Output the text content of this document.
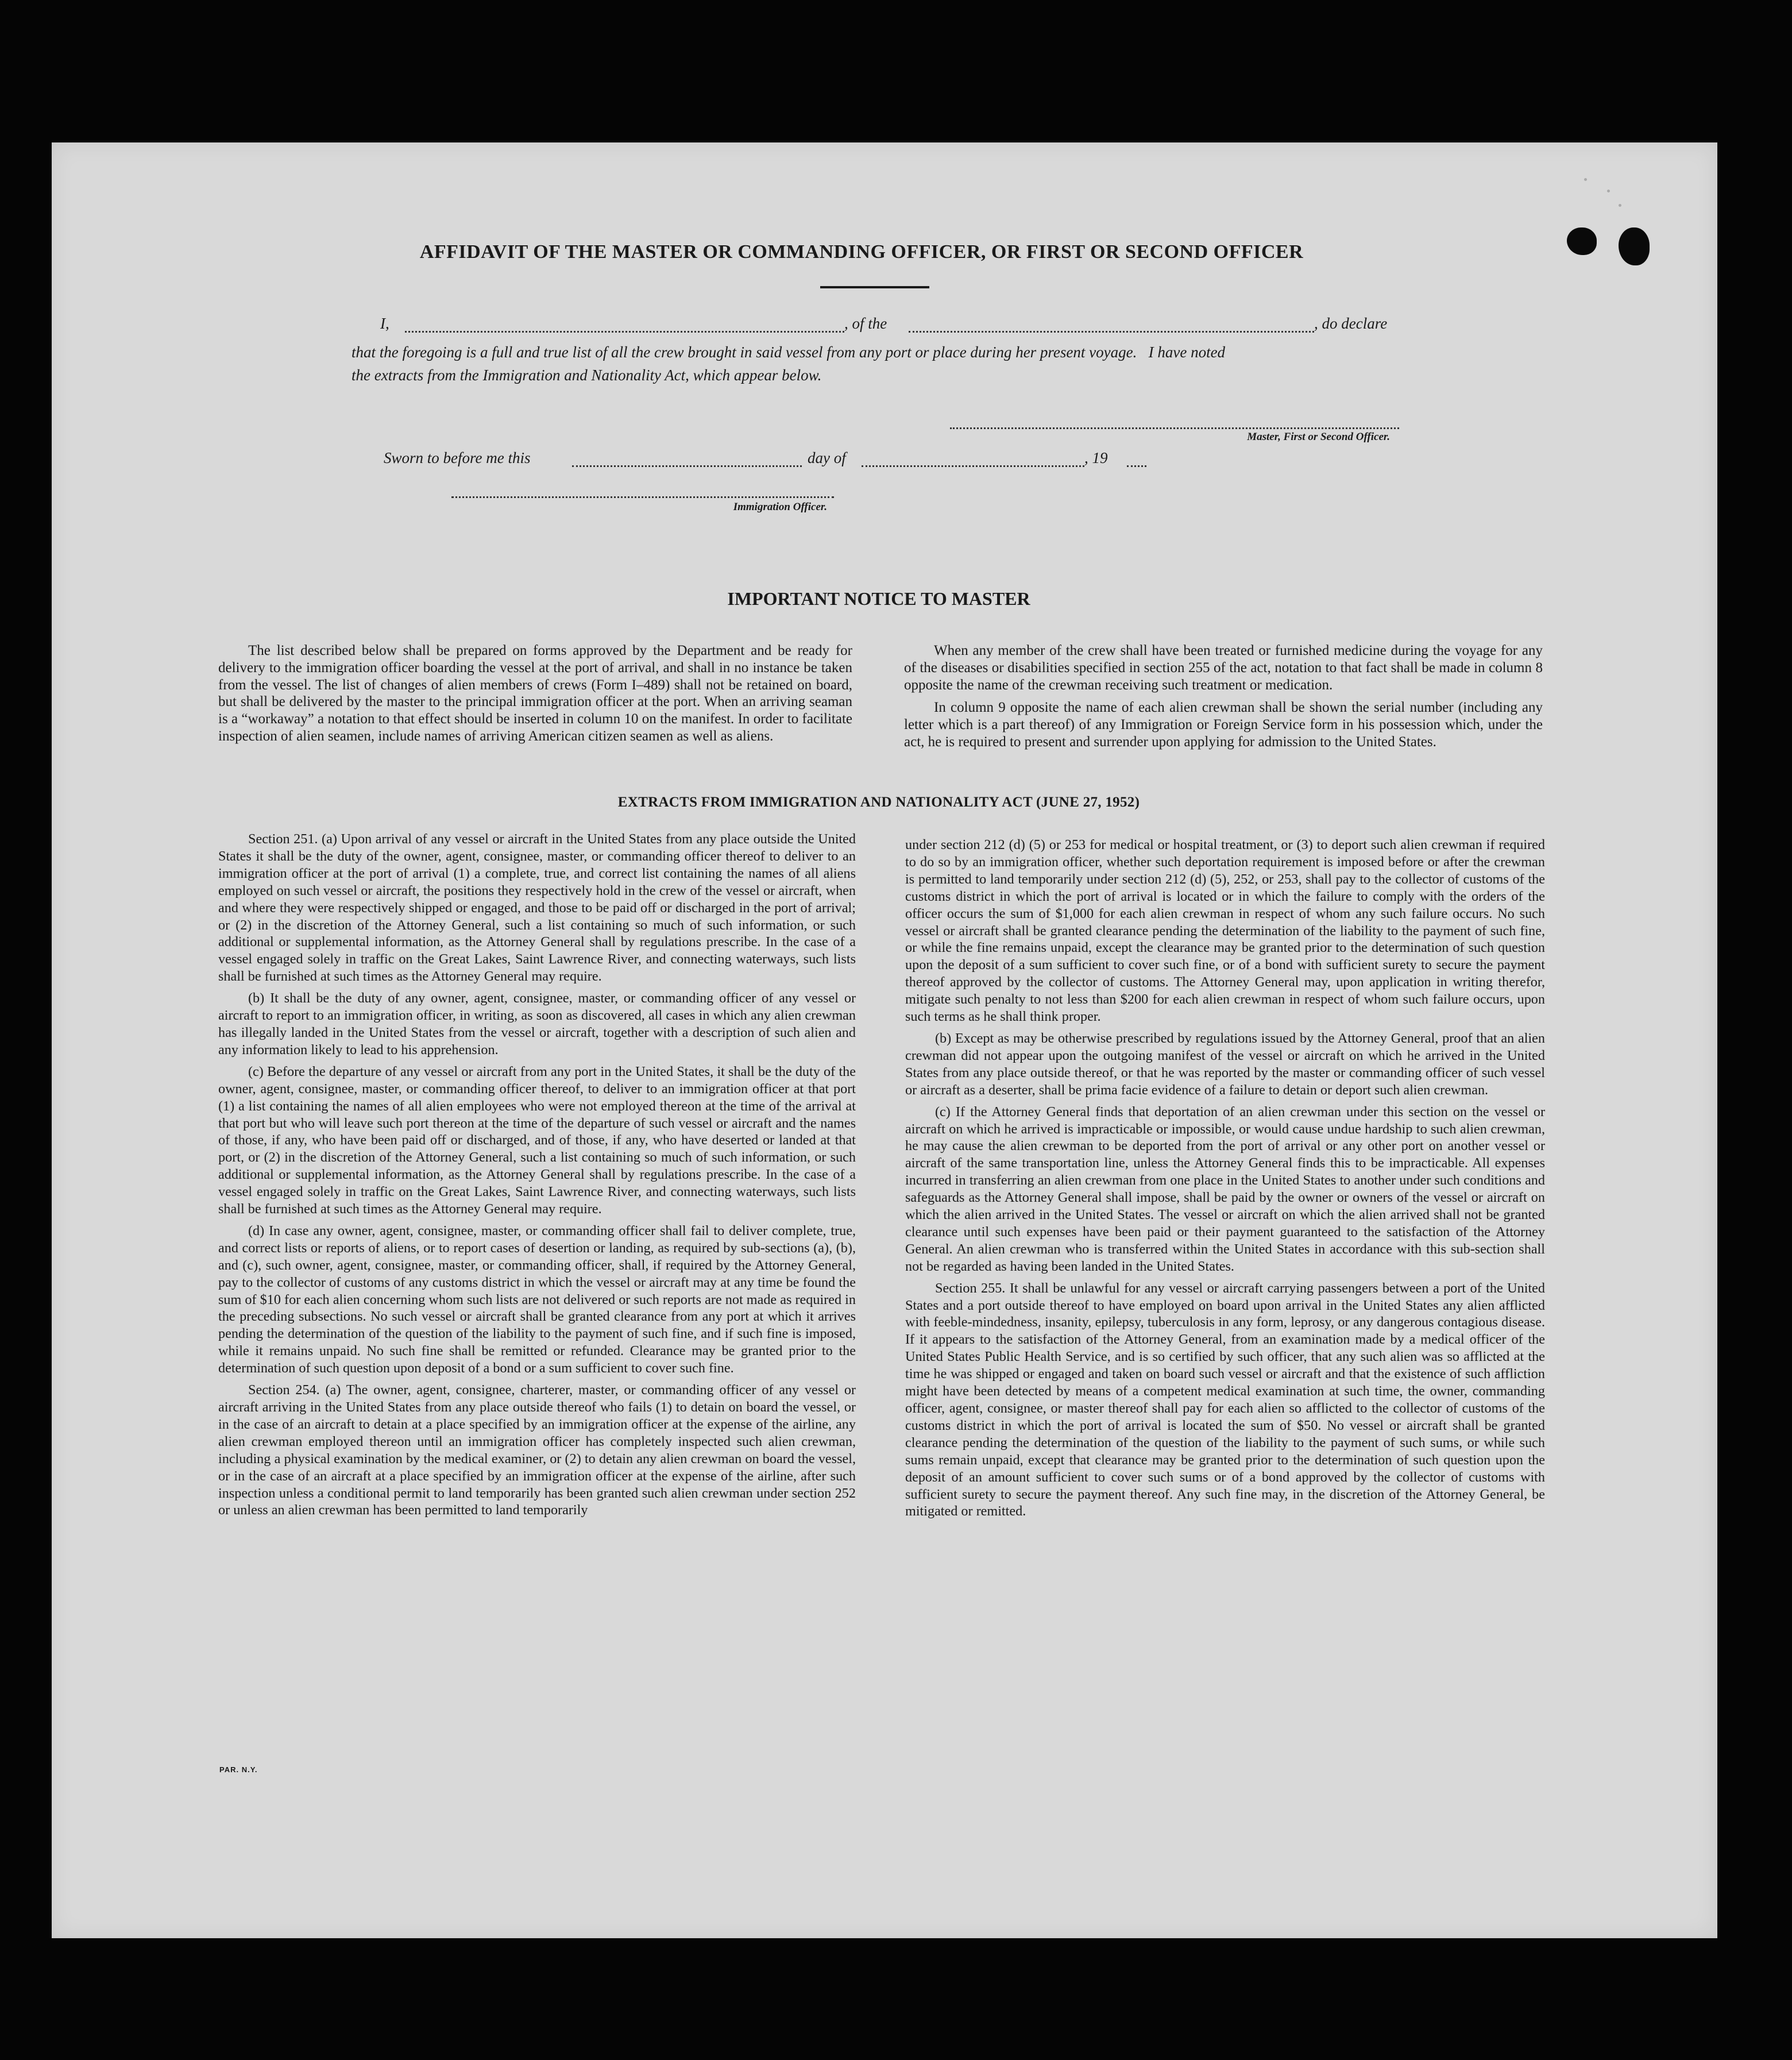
AFFIDAVIT OF THE MASTER OR COMMANDING OFFICER, OR FIRST OR SECOND OFFICER
I,	, of the	, do declare
that the foregoing is a full and true list of all the crew brought in said vessel from any port or place during her present voyage.   I have noted
the extracts from the Immigration and Nationality Act, which appear below.
Master, First or Second Officer.
Sworn to before me this	day of	, 19
Immigration Officer.
IMPORTANT NOTICE TO MASTER

The list described below shall be prepared on forms approved by the Department and be ready for delivery to the immigration officer boarding the vessel at the port of arrival, and shall in no instance be taken from the vessel. The list of changes of alien members of crews (Form I–489) shall not be retained on board, but shall be delivered by the master to the principal immigration officer at the port. When an arriving seaman is a “workaway” a notation to that effect should be inserted in column 10 on the manifest. In order to facilitate inspection of alien seamen, include names of arriving American citizen seamen as well as aliens.

When any member of the crew shall have been treated or furnished medicine during the voyage for any of the diseases or disabilities specified in section 255 of the act, notation to that fact shall be made in column 8 opposite the name of the crewman receiving such treatment or medication.

In column 9 opposite the name of each alien crewman shall be shown the serial number (including any letter which is a part thereof) of any Immigration or Foreign Service form in his possession which, under the act, he is required to present and surrender upon applying for admission to the United States.

EXTRACTS FROM IMMIGRATION AND NATIONALITY ACT (JUNE 27, 1952)

Section 251. (a) Upon arrival of any vessel or aircraft in the United States from any place outside the United States it shall be the duty of the owner, agent, consignee, master, or commanding officer thereof to deliver to an immigration officer at the port of arrival (1) a complete, true, and correct list containing the names of all aliens employed on such vessel or aircraft, the positions they respectively hold in the crew of the vessel or aircraft, when and where they were respectively shipped or engaged, and those to be paid off or discharged in the port of arrival; or (2) in the discretion of the Attorney General, such a list containing so much of such information, or such additional or supplemental information, as the Attorney General shall by regulations prescribe. In the case of a vessel engaged solely in traffic on the Great Lakes, Saint Lawrence River, and connecting waterways, such lists shall be furnished at such times as the Attorney General may require.

(b) It shall be the duty of any owner, agent, consignee, master, or commanding officer of any vessel or aircraft to report to an immigration officer, in writing, as soon as discovered, all cases in which any alien crewman has illegally landed in the United States from the vessel or aircraft, together with a description of such alien and any information likely to lead to his apprehension.

(c) Before the departure of any vessel or aircraft from any port in the United States, it shall be the duty of the owner, agent, consignee, master, or commanding officer thereof, to deliver to an immigration officer at that port (1) a list containing the names of all alien employees who were not employed thereon at the time of the arrival at that port but who will leave such port thereon at the time of the departure of such vessel or aircraft and the names of those, if any, who have been paid off or discharged, and of those, if any, who have deserted or landed at that port, or (2) in the discretion of the Attorney General, such a list containing so much of such information, or such additional or supplemental information, as the Attorney General shall by regulations prescribe. In the case of a vessel engaged solely in traffic on the Great Lakes, Saint Lawrence River, and connecting waterways, such lists shall be furnished at such times as the Attorney General may require.

(d) In case any owner, agent, consignee, master, or commanding officer shall fail to deliver complete, true, and correct lists or reports of aliens, or to report cases of desertion or landing, as required by sub-sections (a), (b), and (c), such owner, agent, consignee, master, or commanding officer, shall, if required by the Attorney General, pay to the collector of customs of any customs district in which the vessel or aircraft may at any time be found the sum of $10 for each alien concerning whom such lists are not delivered or such reports are not made as required in the preceding subsections. No such vessel or aircraft shall be granted clearance from any port at which it arrives pending the determination of the question of the liability to the payment of such fine, and if such fine is imposed, while it remains unpaid. No such fine shall be remitted or refunded. Clearance may be granted prior to the determination of such question upon deposit of a bond or a sum sufficient to cover such fine.

Section 254. (a) The owner, agent, consignee, charterer, master, or commanding officer of any vessel or aircraft arriving in the United States from any place outside thereof who fails (1) to detain on board the vessel, or in the case of an aircraft to detain at a place specified by an immigration officer at the expense of the airline, any alien crewman employed thereon until an immigration officer has completely inspected such alien crewman, including a physical examination by the medical examiner, or (2) to detain any alien crewman on board the vessel, or in the case of an aircraft at a place specified by an immigration officer at the expense of the airline, after such inspection unless a conditional permit to land temporarily has been granted such alien crewman under section 252 or unless an alien crewman has been permitted to land temporarily

under section 212 (d) (5) or 253 for medical or hospital treatment, or (3) to deport such alien crewman if required to do so by an immigration officer, whether such deportation requirement is imposed before or after the crewman is permitted to land temporarily under section 212 (d) (5), 252, or 253, shall pay to the collector of customs of the customs district in which the port of arrival is located or in which the failure to comply with the orders of the officer occurs the sum of $1,000 for each alien crewman in respect of whom any such failure occurs. No such vessel or aircraft shall be granted clearance pending the determination of the liability to the payment of such fine, or while the fine remains unpaid, except the clearance may be granted prior to the determination of such question upon the deposit of a sum sufficient to cover such fine, or of a bond with sufficient surety to secure the payment thereof approved by the collector of customs. The Attorney General may, upon application in writing therefor, mitigate such penalty to not less than $200 for each alien crewman in respect of whom such failure occurs, upon such terms as he shall think proper.

(b) Except as may be otherwise prescribed by regulations issued by the Attorney General, proof that an alien crewman did not appear upon the outgoing manifest of the vessel or aircraft on which he arrived in the United States from any place outside thereof, or that he was reported by the master or commanding officer of such vessel or aircraft as a deserter, shall be prima facie evidence of a failure to detain or deport such alien crewman.

(c) If the Attorney General finds that deportation of an alien crewman under this section on the vessel or aircraft on which he arrived is impracticable or impossible, or would cause undue hardship to such alien crewman, he may cause the alien crewman to be deported from the port of arrival or any other port on another vessel or aircraft of the same transportation line, unless the Attorney General finds this to be impracticable. All expenses incurred in transferring an alien crewman from one place in the United States to another under such conditions and safeguards as the Attorney General shall impose, shall be paid by the owner or owners of the vessel or aircraft on which the alien arrived in the United States. The vessel or aircraft on which the alien arrived shall not be granted clearance until such expenses have been paid or their payment guaranteed to the satisfaction of the Attorney General. An alien crewman who is transferred within the United States in accordance with this sub-section shall not be regarded as having been landed in the United States.

Section 255. It shall be unlawful for any vessel or aircraft carrying passengers between a port of the United States and a port outside thereof to have employed on board upon arrival in the United States any alien afflicted with feeble-mindedness, insanity, epilepsy, tuberculosis in any form, leprosy, or any dangerous contagious disease. If it appears to the satisfaction of the Attorney General, from an examination made by a medical officer of the United States Public Health Service, and is so certified by such officer, that any such alien was so afflicted at the time he was shipped or engaged and taken on board such vessel or aircraft and that the existence of such affliction might have been detected by means of a competent medical examination at such time, the owner, commanding officer, agent, consignee, or master thereof shall pay for each alien so afflicted to the collector of customs of the customs district in which the port of arrival is located the sum of $50. No vessel or aircraft shall be granted clearance pending the determination of the question of the liability to the payment of such sums, or while such sums remain unpaid, except that clearance may be granted prior to the determination of such question upon the deposit of an amount sufficient to cover such sums or of a bond approved by the collector of customs with sufficient surety to secure the payment thereof. Any such fine may, in the discretion of the Attorney General, be mitigated or remitted.

PAR. N.Y.
